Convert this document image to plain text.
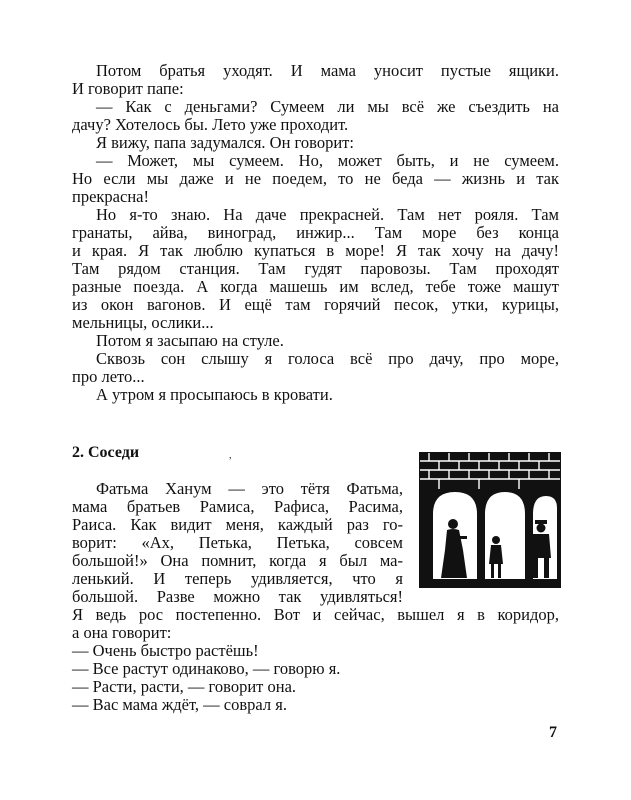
Потом братья уходят. И мама уносит пустые ящики.
И говорит папе:
— Как с деньгами? Сумеем ли мы всё же съездить на
дачу? Хотелось бы. Лето уже проходит.
Я вижу, папа задумался. Он говорит:
— Может, мы сумеем. Но, может быть, и не сумеем.
Но если мы даже и не поедем, то не беда — жизнь и так
прекрасна!
Но я-то знаю. На даче прекрасней. Там нет рояля. Там
гранаты, айва, виноград, инжир... Там море без конца
и края. Я так люблю купаться в море! Я так хочу на дачу!
Там рядом станция. Там гудят паровозы. Там проходят
разные поезда. А когда машешь им вслед, тебе тоже машут
из окон вагонов. И ещё там горячий песок, утки, курицы,
мельницы, ослики...
Потом я засыпаю на стуле.
Сквозь сон слышу я голоса всё про дачу, про море,
про лето...
А утром я просыпаюсь в кровати.
2. Соседи	,
Фатьма Ханум — это тётя Фатьма,
мама братьев Рамиса, Рафиса, Расима,
Раиса. Как видит меня, каждый раз го-
ворит: «Ах, Петька, Петька, совсем
большой!» Она помнит, когда я был ма-
ленький. И теперь удивляется, что я
большой. Разве можно так удивляться!
Я ведь рос постепенно. Вот и сейчас, вышел я в коридор,
а она говорит:
— Очень быстро растёшь!
— Все растут одинаково, — говорю я.
— Расти, расти, — говорит она.
— Вас мама ждёт, — соврал я.
7
